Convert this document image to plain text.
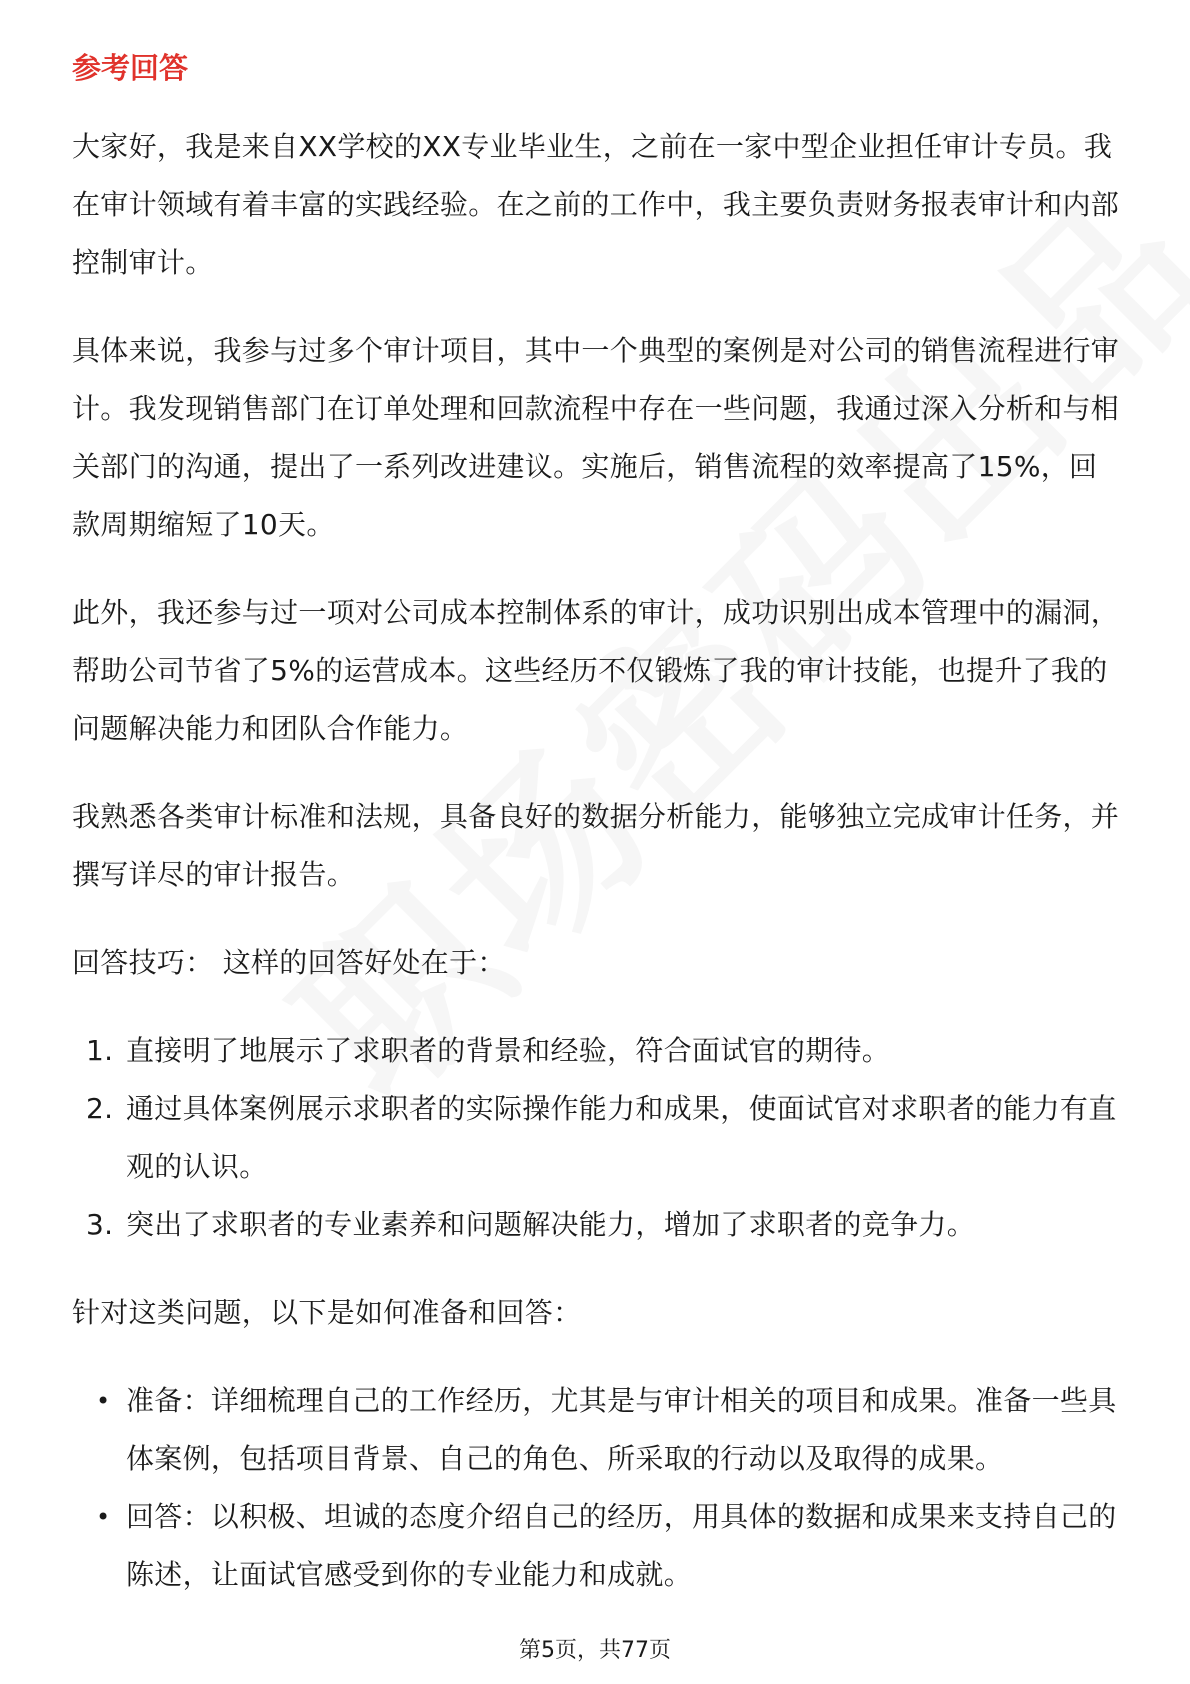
参考回答

大家好，我是来自XX学校的XX专业毕业生，之前在一家中型企业担任审计专员。我在审计领域有着丰富的实践经验。在之前的工作中，我主要负责财务报表审计和内部控制审计。

具体来说，我参与过多个审计项目，其中一个典型的案例是对公司的销售流程进行审计。我发现销售部门在订单处理和回款流程中存在一些问题，我通过深入分析和与相关部门的沟通，提出了一系列改进建议。实施后，销售流程的效率提高了15%，回款周期缩短了10天。

此外，我还参与过一项对公司成本控制体系的审计，成功识别出成本管理中的漏洞，帮助公司节省了5%的运营成本。这些经历不仅锻炼了我的审计技能，也提升了我的问题解决能力和团队合作能力。

我熟悉各类审计标准和法规，具备良好的数据分析能力，能够独立完成审计任务，并撰写详尽的审计报告。

回答技巧： 这样的回答好处在于：

1. 直接明了地展示了求职者的背景和经验，符合面试官的期待。
2. 通过具体案例展示求职者的实际操作能力和成果，使面试官对求职者的能力有直观的认识。
3. 突出了求职者的专业素养和问题解决能力，增加了求职者的竞争力。

针对这类问题，以下是如何准备和回答：

• 准备：详细梳理自己的工作经历，尤其是与审计相关的项目和成果。准备一些具体案例，包括项目背景、自己的角色、所采取的行动以及取得的成果。
• 回答：以积极、坦诚的态度介绍自己的经历，用具体的数据和成果来支持自己的陈述，让面试官感受到你的专业能力和成就。
第5页，共77页
